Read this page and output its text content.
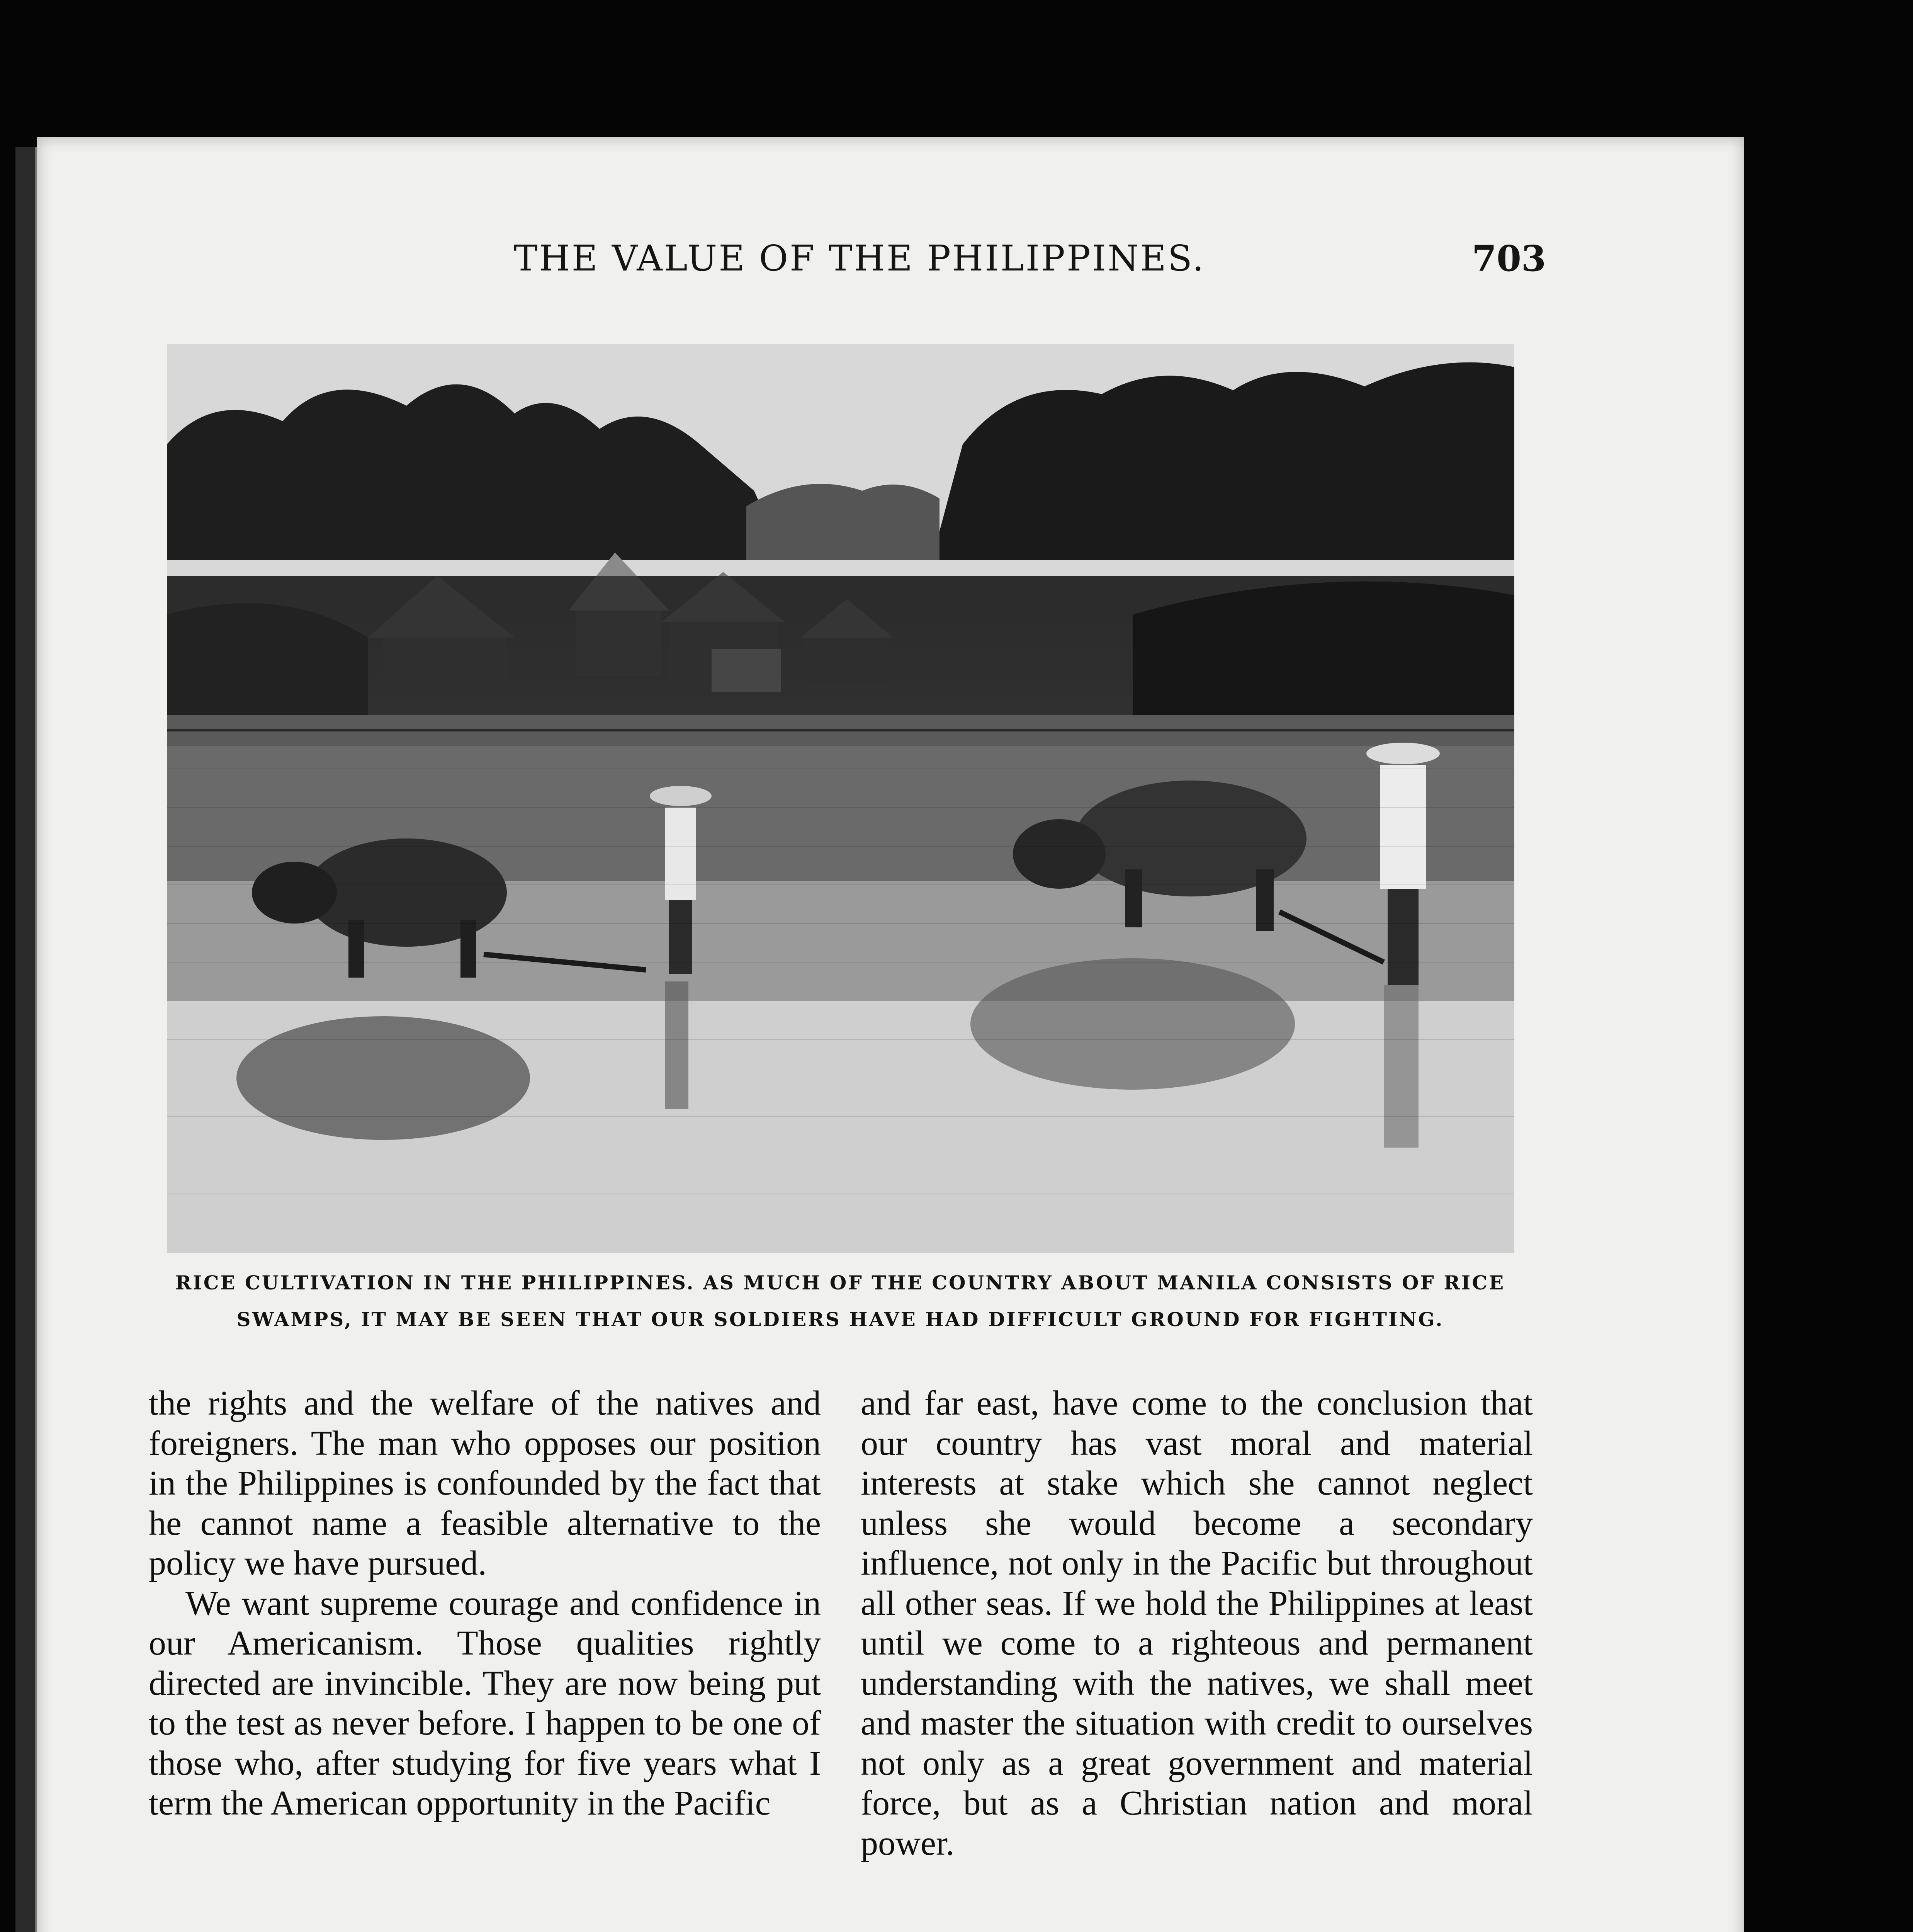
THE VALUE OF THE PHILIPPINES.	703
RICE CULTIVATION IN THE PHILIPPINES. AS MUCH OF THE COUNTRY ABOUT MANILA CONSISTS OF RICE
SWAMPS, IT MAY BE SEEN THAT OUR SOLDIERS HAVE HAD DIFFICULT GROUND FOR FIGHTING.

the rights and the welfare of the natives and foreigners. The man who opposes our position in the Philippines is confounded by the fact that he cannot name a feasible alternative to the policy we have pursued.

We want supreme courage and confidence in our Americanism. Those qualities rightly directed are invincible. They are now being put to the test as never before. I happen to be one of those who, after studying for five years what I term the American opportunity in the Pacific

and far east, have come to the conclusion that our country has vast moral and material interests at stake which she cannot neglect unless she would become a secondary influence, not only in the Pacific but throughout all other seas. If we hold the Philippines at least until we come to a righteous and permanent understanding with the natives, we shall meet and master the situation with credit to ourselves not only as a great government and material force, but as a Christian nation and moral power.
